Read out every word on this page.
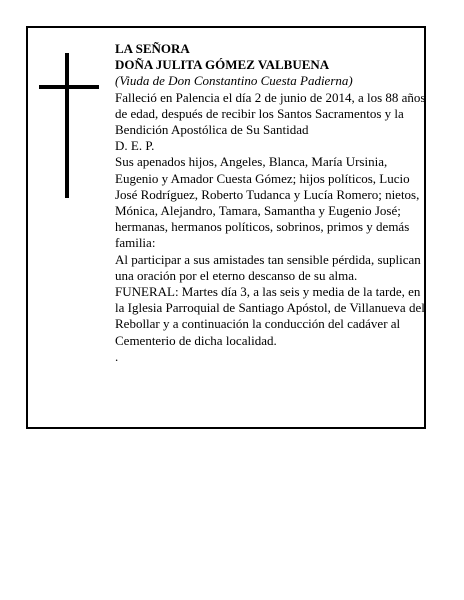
LA SEÑORA

DOÑA JULITA GÓMEZ VALBUENA

(Viuda de Don Constantino Cuesta Padierna)

Falleció en Palencia el día 2 de junio de 2014, a los 88 años de edad, después de recibir los Santos Sacramentos y la Bendición Apostólica de Su Santidad

D. E. P.

Sus apenados hijos, Angeles, Blanca, María Ursinia, Eugenio y Amador Cuesta Gómez; hijos políticos, Lucio José Rodríguez, Roberto Tudanca y Lucía Romero; nietos, Mónica, Alejandro, Tamara, Samantha y Eugenio José; hermanas, hermanos políticos, sobrinos, primos y demás familia:

Al participar a sus amistades tan sensible pérdida, suplican una oración por el eterno descanso de su alma.

FUNERAL: Martes día 3, a las seis y media de la tarde, en la Iglesia Parroquial de Santiago Apóstol, de Villanueva del Rebollar y a continuación la conducción del cadáver al Cementerio de dicha localidad.

.
